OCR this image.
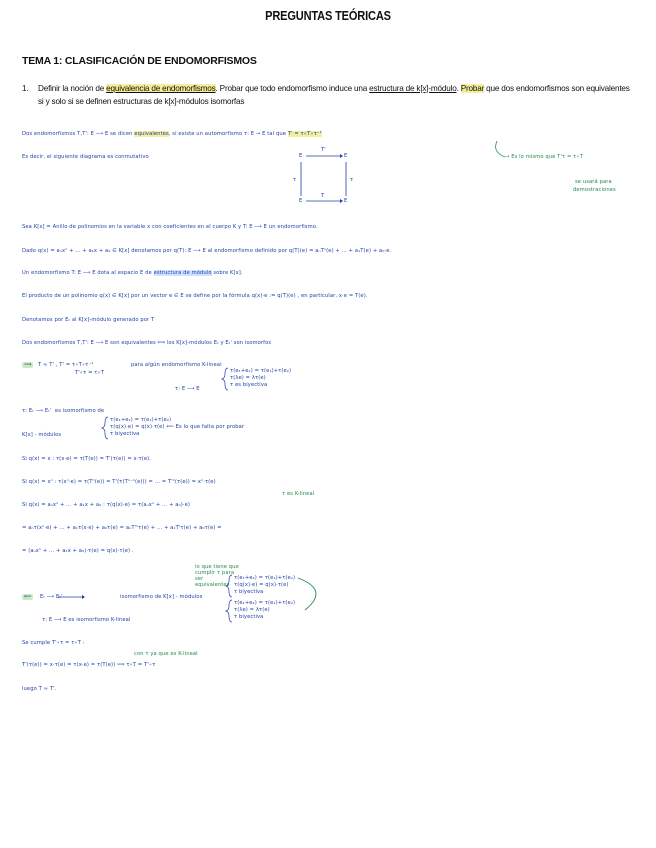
PREGUNTAS TEÓRICAS
TEMA 1: CLASIFICACIÓN DE ENDOMORFISMOS
1. Definir la noción de equivalencia de endomorfismos. Probar que todo endomorfismo induce una estructura de k[x]-módulo. Probar que dos endomorfismos son equivalentes si y solo si se definen estructuras de k[x]-módulos isomorfas
Dos endomorfismos T,T': E ⟶ E se dicen equivalentes, si existe un automorfismo τ: E → E tal que T' = τ∘T∘τ⁻¹
Es decir, el siguiente diagrama es conmutativo	E	E
E	E
T'
T
τ	τ
→ Es lo mismo que T'τ = τ∘T
se usará para
demostraciones
Sea K[x] = Anillo de polinomios en la variable x con coeficientes en el cuerpo K y T: E ⟶ E un endomorfismo.
Dado q(x) = aₙxⁿ + ... + a₁x + a₀ ∈ K[x] denotamos por q(T): E ⟶ E al endomorfismo definido por q(T)(e) = aₙTⁿ(e) + ... + a₁T(e) + a₀·e.
Un endomorfismo T: E ⟶ E dota al espacio E de estructura de módulo sobre K[x].
El producto de un polinomio q(x) ∈ K[x] por un vector e ∈ E se define por la fórmula q(x)·e := q(T)(e) , en particular, x·e = T(e).
Denotamos por Eₜ al K[x]-módulo generado por T
Dos endomorfismos T,T': E ⟶ E son equivalentes ⟺ los K[x]-módulos Eₜ y Eₜ' son isomorfos
⟹	T ≈ T' , T' = τ∘T∘τ⁻¹	para algún endomorfismo K-lineal
T'∘τ = τ∘T
τ: E ⟶ E
τ(e₁+e₂) = τ(e₁)+τ(e₂)
τ(λe) = λτ(e)
τ es biyectiva
τ: Eₜ ⟶ Eₜ' es isomorfismo de
K[x] - módulos
τ(e₁+e₂) = τ(e₁)+τ(e₂)
τ(q(x)·e) = q(x)·τ(e) ⟸ Es lo que falta por probar
τ biyectiva
Si q(x) = x : τ(x·e) = τ(T(e)) = T'(τ(e)) = x·τ(e).
Si q(x) = xⁿ : τ(xⁿ·e) = τ(Tⁿ(e)) = T'(τ(Tⁿ⁻¹(e))) = ... = T'ⁿ(τ(e)) = xⁿ·τ(e)
Si q(x) = aₙxⁿ + ... + a₁x + a₀ : τ(q(x)·e) = τ(aₙxⁿ + ... + a₀)·e)
τ es K-lineal
= aₙτ(xⁿ·e) + ... + a₁τ(x·e) + a₀τ(e) = aₙT'ⁿτ(e) + ... + a₁T'τ(e) + a₀τ(e) =
= (aₙxⁿ + ... + a₁x + a₀)·τ(e) = q(x)·τ(e) .
⟸	Eₜ ⟶ Eₜ'	isomorfismo de K[x] - módulos
lo que tiene que
cumplir τ para
ser
equivalentes
τ(e₁+e₂) = τ(e₁)+τ(e₂)
τ(q(x)·e) = q(x)·τ(e)
τ biyectiva
τ: E ⟶ E es isomorfismo K-lineal
τ(e₁+e₂) = τ(e₁)+τ(e₂)
τ(λe) = λτ(e)
τ biyectiva
Se cumple T'∘τ = τ∘T :
T'(τ(e)) = x·τ(e) = τ(x·e) = τ(T(e)) ⟹ τ∘T = T'∘τ
con τ ya que es K-lineal
luego T ≈ T'.
